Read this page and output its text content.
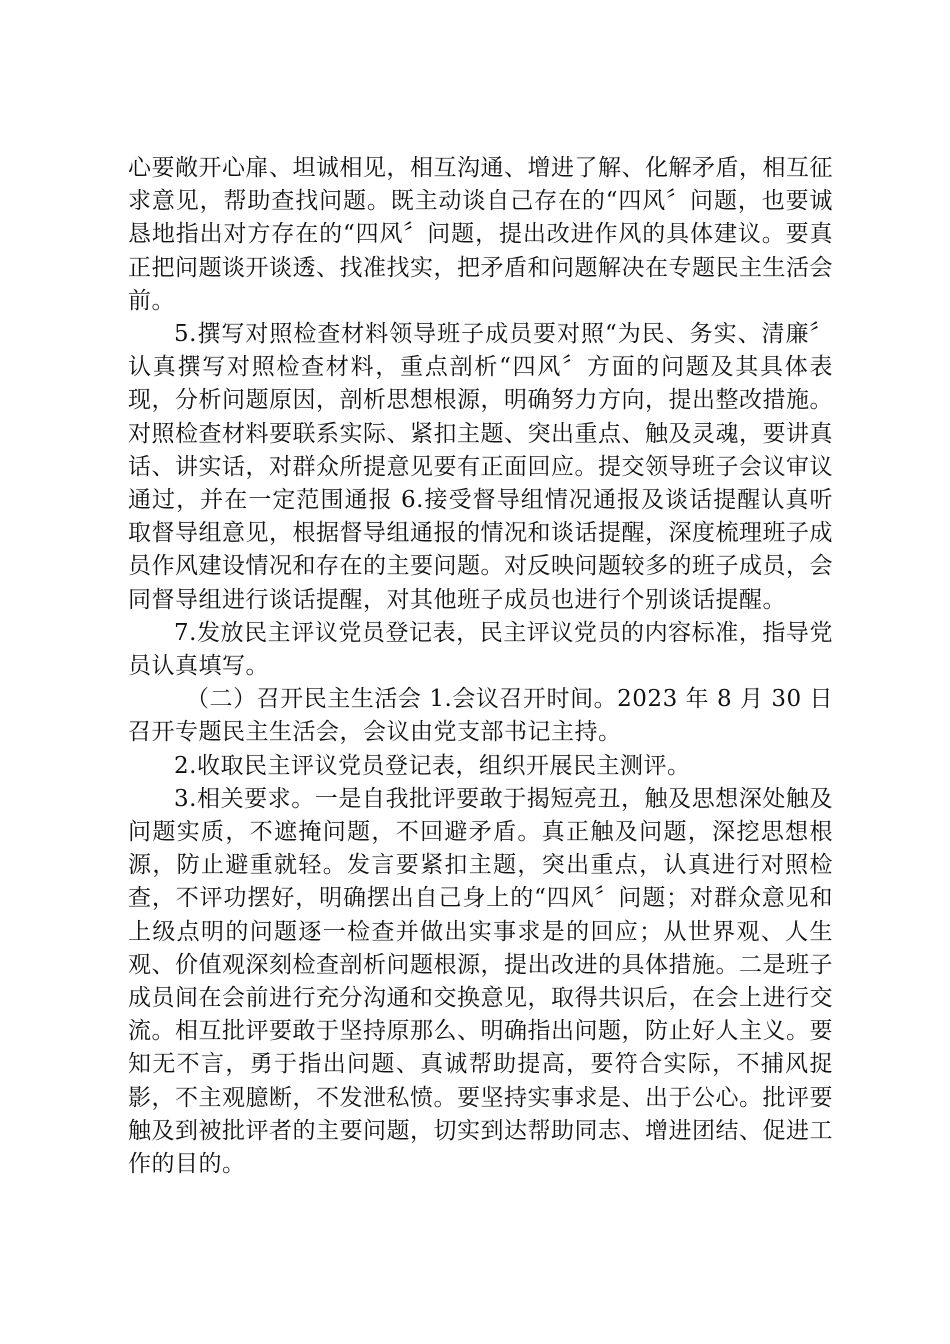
心要敞开心扉、坦诚相见，相互沟通、增进了解、化解矛盾，相互征求意见，帮助查找问题。既主动谈自己存在的“四风〞问题，也要诚恳地指出对方存在的“四风〞问题，提出改进作风的具体建议。要真正把问题谈开谈透、找准找实，把矛盾和问题解决在专题民主生活会前。

5.撰写对照检查材料领导班子成员要对照“为民、务实、清廉〞认真撰写对照检查材料，重点剖析“四风〞方面的问题及其具体表现，分析问题原因，剖析思想根源，明确努力方向，提出整改措施。对照检查材料要联系实际、紧扣主题、突出重点、触及灵魂，要讲真话、讲实话，对群众所提意见要有正面回应。提交领导班子会议审议通过，并在一定范围通报 6.接受督导组情况通报及谈话提醒认真听取督导组意见，根据督导组通报的情况和谈话提醒，深度梳理班子成员作风建设情况和存在的主要问题。对反映问题较多的班子成员，会同督导组进行谈话提醒，对其他班子成员也进行个别谈话提醒。

7.发放民主评议党员登记表，民主评议党员的内容标准，指导党员认真填写。

（二）召开民主生活会 1.会议召开时间。2023 年 8 月 30 日召开专题民主生活会，会议由党支部书记主持。

2.收取民主评议党员登记表，组织开展民主测评。

3.相关要求。一是自我批评要敢于揭短亮丑，触及思想深处触及问题实质，不遮掩问题，不回避矛盾。真正触及问题，深挖思想根源，防止避重就轻。发言要紧扣主题，突出重点，认真进行对照检查，不评功摆好，明确摆出自己身上的“四风〞问题；对群众意见和上级点明的问题逐一检查并做出实事求是的回应；从世界观、人生观、价值观深刻检查剖析问题根源，提出改进的具体措施。二是班子成员间在会前进行充分沟通和交换意见，取得共识后，在会上进行交流。相互批评要敢于坚持原那么、明确指出问题，防止好人主义。要知无不言，勇于指出问题、真诚帮助提高，要符合实际，不捕风捉影，不主观臆断，不发泄私愤。要坚持实事求是、出于公心。批评要触及到被批评者的主要问题，切实到达帮助同志、增进团结、促进工作的目的。
